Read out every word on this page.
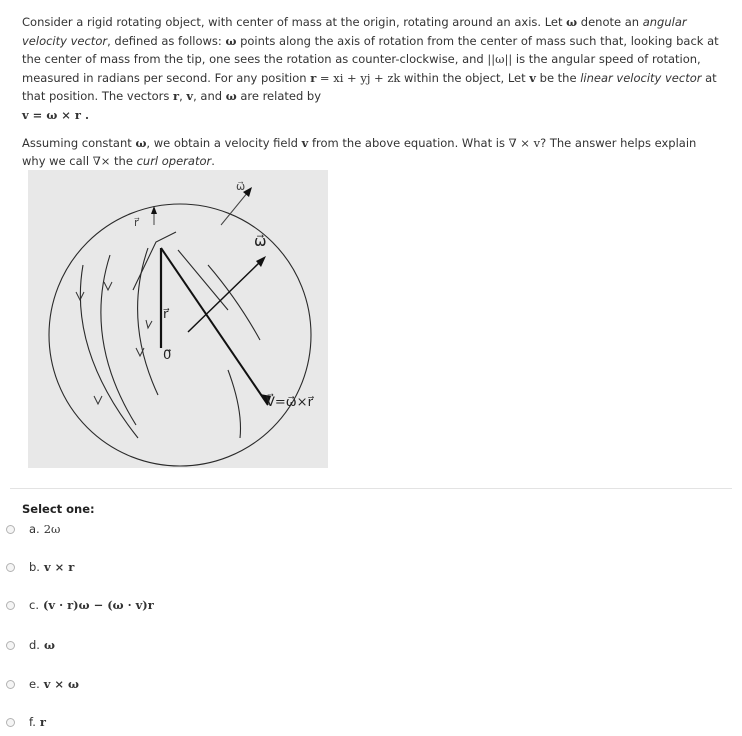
Consider a rigid rotating object, with center of mass at the origin, rotating around an axis. Let ω denote an angular velocity vector, defined as follows: ω points along the axis of rotation from the center of mass such that, looking back at the center of mass from the tip, one sees the rotation as counter-clockwise, and ||ω|| is the angular speed of rotation, measured in radians per second. For any position r = xi + yj + zk within the object, Let v be the linear velocity vector at that position. The vectors r, v, and ω are related by
v = ω × r .

Assuming constant ω, we obtain a velocity field v from the above equation. What is ∇ × v? The answer helps explain why we call ∇× the curl operator.

ω⃗
r⃗
0⃗
V⃗=ω⃗×r⃗
r⃗
ω⃗
Select one:
a. 2ω
b. v × r
c. (v · r)ω − (ω · v)r
d. ω
e. v × ω
f. r
